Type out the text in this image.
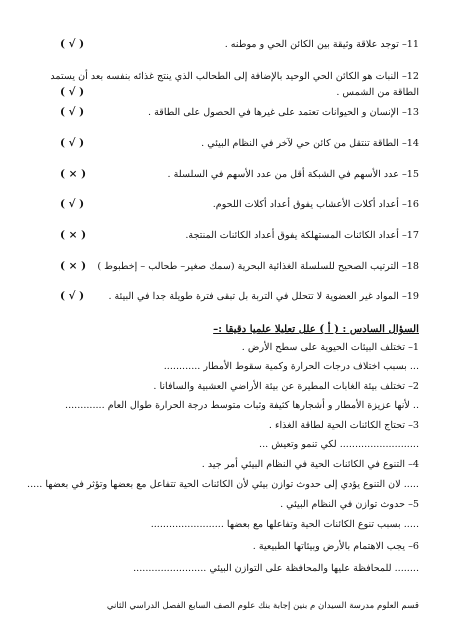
11– توجد علاقة وثيقة بين الكائن الحي و موطنه .
( √ )
12– النبات هو الكائن الحي الوحيد بالإضافة إلى الطحالب الذي ينتج غذائه بنفسه بعد أن يستمد
الطاقة من الشمس .
( √ )
13– الإنسان و الحيوانات تعتمد على غيرها في الحصول على الطاقة .
( √ )
14– الطاقة تنتقل من كائن حي لآخر في النظام البيئي .
( √ )
15– عدد الأسهم في الشبكة أقل من عدد الأسهم في السلسلة .
( × )
16– أعداد أكلات الأعشاب يفوق أعداد أكلات اللحوم.
( √ )
17– أعداد الكائنات المستهلكة يفوق أعداد الكائنات المنتجة.
( × )
18– الترتيب الصحيح للسلسلة الغذائية البحرية (سمك صغير– طحالب – إخطبوط )
( × )
19– المواد غير العضوية لا تتحلل في التربة بل تبقى فترة طويلة جدا في البيئة .
( √ )
السؤال السادس : ( أ ) علل تعليلا علميا دقيقا :–
1– تختلف البيئات الحيوية على سطح الأرض .
... بسبب اختلاف درجات الحرارة وكمية سقوط الأمطار ............
2– تختلف بيئة الغابات المطيرة عن بيئة الأراضي العشبية والسافانا .
.. لأنها عزيزة الأمطار و أشجارها كثيفة وثبات متوسط درجة الحرارة طوال العام .............
3– تحتاج الكائنات الحية لطاقة الغذاء .
.......................... لكي تنمو وتعيش ...
4– التنوع في الكائنات الحية في النظام البيئي أمر جيد .
..... لان التنوع يؤدي إلى حدوث توازن بيئي لأن الكائنات الحية تتفاعل مع بعضها وتؤثر في بعضها .....
5– حدوث توازن في النظام البيئي .
..... بسبب تنوع الكائنات الحية وتفاعلها مع بعضها ........................
6– يجب الاهتمام بالأرض وبيئاتها الطبيعية .
........ للمحافظة عليها والمحافظة على التوازن البيئي ........................
قسم العلوم مدرسة السيدان م بنين إجابة بنك علوم الصف السابع الفصل الدراسي الثاني
